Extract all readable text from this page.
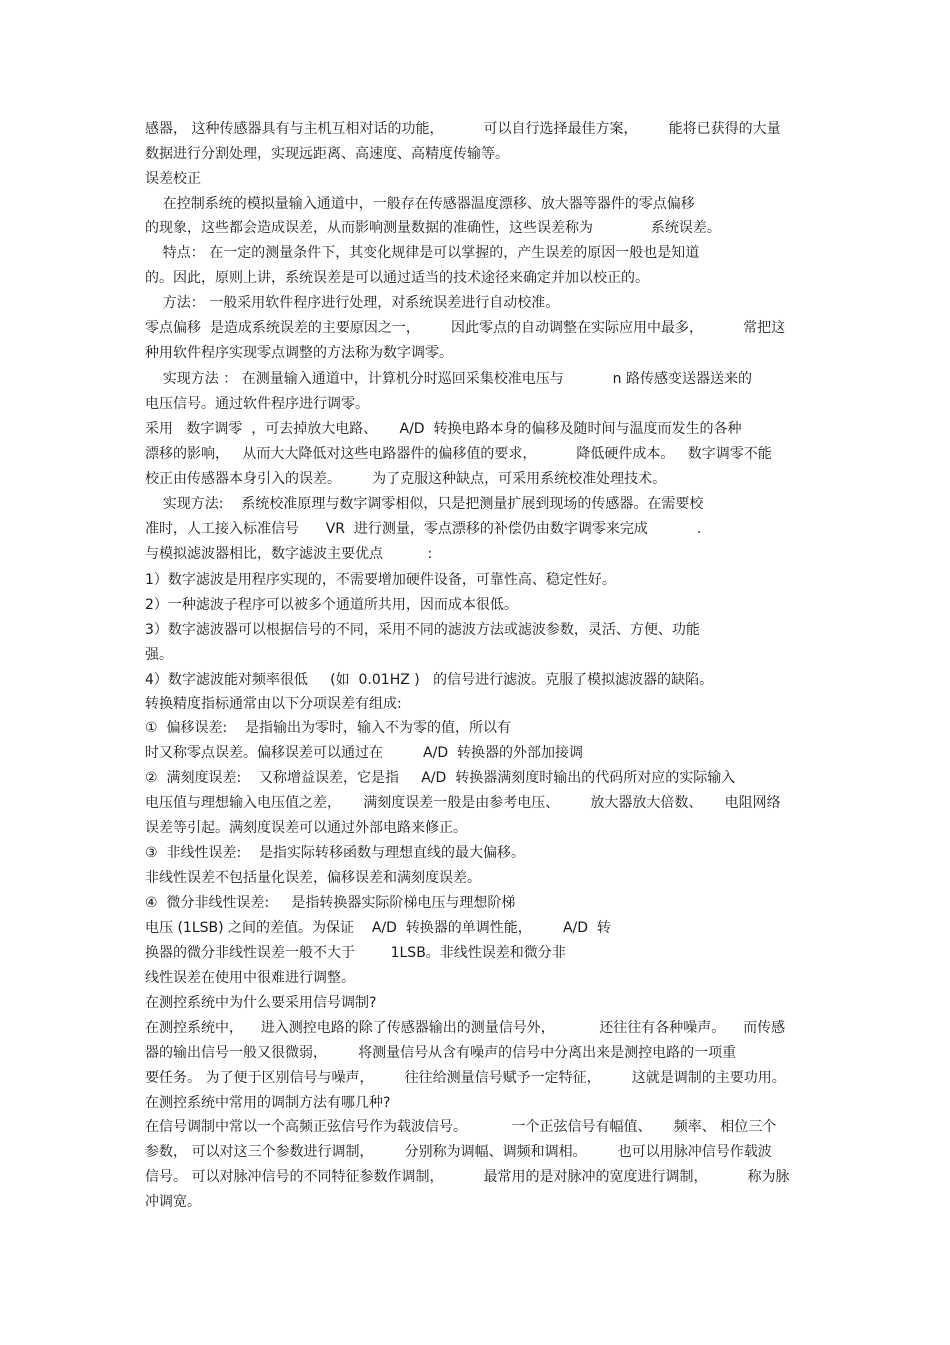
感器， 这种传感器具有与主机互相对话的功能，         可以自行选择最佳方案，       能将已获得的大量
数据进行分割处理，实现远距离、高速度、高精度传输等。
误差校正
在控制系统的模拟量输入通道中，一般存在传感器温度漂移、放大器等器件的零点偏移
的现象，这些都会造成误差，从而影响测量数据的准确性，这些误差称为             系统误差。
特点： 在一定的测量条件下，其变化规律是可以掌握的，产生误差的原因一般也是知道
的。因此，原则上讲，系统误差是可以通过适当的技术途径来确定并加以校正的。
方法： 一般采用软件程序进行处理，对系统误差进行自动校准。
零点偏移  是造成系统误差的主要原因之一，       因此零点的自动调整在实际应用中最多，         常把这
种用软件程序实现零点调整的方法称为数字调零。
实现方法 ： 在测量输入通道中，计算机分时巡回采集校准电压与           n 路传感变送器送来的
电压信号。通过软件程序进行调零。
采用   数字调零  ，可去掉放大电路、     A/D  转换电路本身的偏移及随时间与温度而发生的各种
漂移的影响，   从而大大降低对这些电路器件的偏移值的要求，         降低硬件成本。   数字调零不能
校正由传感器本身引入的误差。       为了克服这种缺点，可采用系统校准处理技术。
实现方法:    系统校准原理与数字调零相似，只是把测量扩展到现场的传感器。在需要校
准时，人工接入标准信号      VR  进行测量，零点漂移的补偿仍由数字调零来完成           .
与模拟滤波器相比，数字滤波主要优点          :
1）数字滤波是用程序实现的，不需要增加硬件设备，可靠性高、稳定性好。
2）一种滤波子程序可以被多个通道所共用，因而成本很低。
3）数字滤波器可以根据信号的不同，采用不同的滤波方法或滤波参数，灵活、方便、功能
强。
4）数字滤波能对频率很低     (如  0.01HZ )   的信号进行滤波。克服了模拟滤波器的缺陷。
转换精度指标通常由以下分项误差有组成:
①  偏移误差:    是指输出为零时，输入不为零的值，所以有
时又称零点误差。偏移误差可以通过在         A/D  转换器的外部加接调
②  满刻度误差:    又称增益误差，它是指     A/D  转换器满刻度时输出的代码所对应的实际输入
电压值与理想输入电压值之差，     满刻度误差一般是由参考电压、       放大器放大倍数、     电阻网络
误差等引起。满刻度误差可以通过外部电路来修正。
③  非线性误差:    是指实际转移函数与理想直线的最大偏移。
非线性误差不包括量化误差，偏移误差和满刻度误差。
④  微分非线性误差:     是指转换器实际阶梯电压与理想阶梯
电压 (1LSB) 之间的差值。为保证    A/D  转换器的单调性能，       A/D  转
换器的微分非线性误差一般不大于        1LSB。非线性误差和微分非
线性误差在使用中很难进行调整。
在测控系统中为什么要采用信号调制?
在测控系统中，    进入测控电路的除了传感器输出的测量信号外，          还往往有各种噪声。    而传感
器的输出信号一般又很微弱，       将测量信号从含有噪声的信号中分离出来是测控电路的一项重
要任务。 为了便于区别信号与噪声，       往往给测量信号赋予一定特征，       这就是调制的主要功用。
在测控系统中常用的调制方法有哪几种?
在信号调制中常以一个高频正弦信号作为载波信号。          一个正弦信号有幅值、     频率、 相位三个
参数， 可以对这三个参数进行调制，       分别称为调幅、调频和调相。       也可以用脉冲信号作载波
信号。 可以对脉冲信号的不同特征参数作调制，         最常用的是对脉冲的宽度进行调制，         称为脉
冲调宽。
